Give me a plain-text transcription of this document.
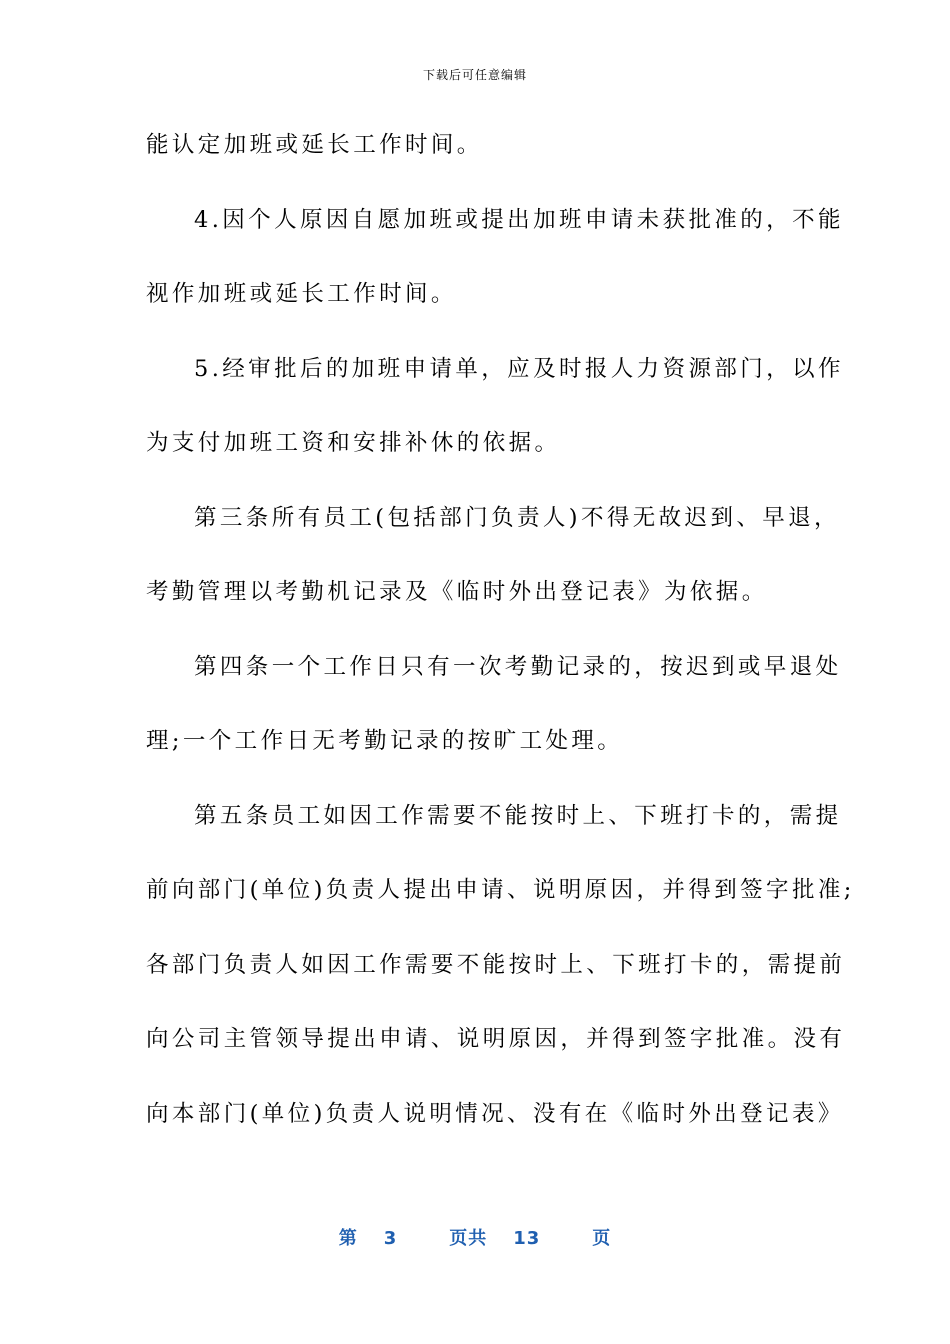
下载后可任意编辑
能认定加班或延长工作时间。
4.因个人原因自愿加班或提出加班申请未获批准的，不能
视作加班或延长工作时间。
5.经审批后的加班申请单，应及时报人力资源部门，以作
为支付加班工资和安排补休的依据。
第三条所有员工(包括部门负责人)不得无故迟到、早退，
考勤管理以考勤机记录及《临时外出登记表》为依据。
第四条一个工作日只有一次考勤记录的，按迟到或早退处
理;一个工作日无考勤记录的按旷工处理。
第五条员工如因工作需要不能按时上、下班打卡的，需提
前向部门(单位)负责人提出申请、说明原因，并得到签字批准;
各部门负责人如因工作需要不能按时上、下班打卡的，需提前
向公司主管领导提出申请、说明原因，并得到签字批准。没有
向本部门(单位)负责人说明情况、没有在《临时外出登记表》
第 3	页共 13	页
